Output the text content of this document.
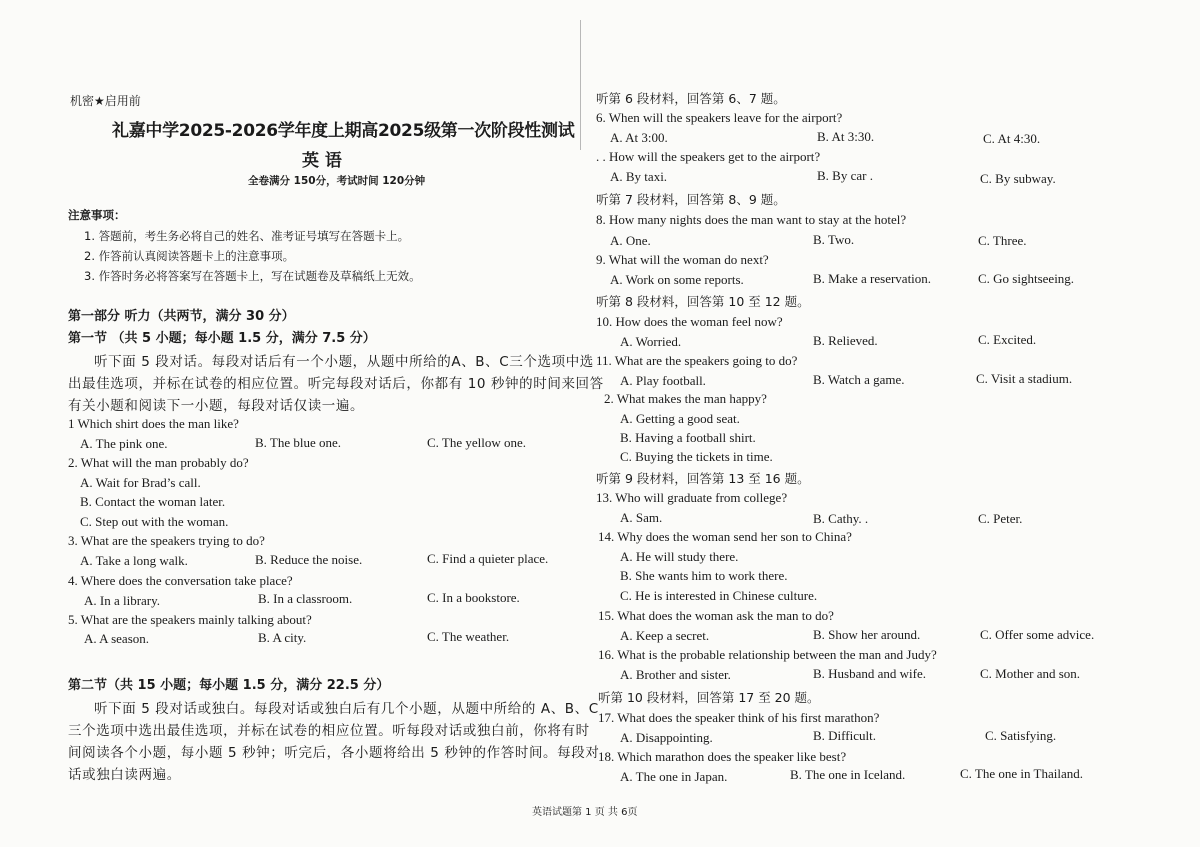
机密★启用前
礼嘉中学2025-2026学年度上期高2025级第一次阶段性测试
英 语
全卷满分 150分，考试时间 120分钟
注意事项：
1. 答题前，考生务必将自己的姓名、准考证号填写在答题卡上。
2. 作答前认真阅读答题卡上的注意事项。
3. 作答时务必将答案写在答题卡上，写在试题卷及草稿纸上无效。
第一部分 听力（共两节，满分 30 分）
第一节 （共 5 小题；每小题 1.5 分，满分 7.5 分）
听下面 5 段对话。每段对话后有一个小题，从题中所给的A、B、C三个选项中选
出最佳选项，并标在试卷的相应位置。听完每段对话后，你都有 10 秒钟的时间来回答
有关小题和阅读下一小题，每段对话仅读一遍。
1 Which shirt does the man like?
A. The pink one.	B. The blue one.	C. The yellow one.
2. What will the man probably do?
A. Wait for Brad’s call.
B. Contact the woman later.
C. Step out with the woman.
3. What are the speakers trying to do?
A. Take a long walk.	B. Reduce the noise.	C. Find a quieter place.
4. Where does the conversation take place?
A. In a library.	B. In a classroom.	C. In a bookstore.
5. What are the speakers mainly talking about?
A. A season.	B. A city.	C. The weather.
第二节（共 15 小题；每小题 1.5 分，满分 22.5 分）
听下面 5 段对话或独白。每段对话或独白后有几个小题，从题中所给的 A、B、C
三个选项中选出最佳选项，并标在试卷的相应位置。听每段对话或独白前，你将有时
间阅读各个小题，每小题 5 秒钟；听完后，各小题将给出 5 秒钟的作答时间。每段对
话或独白读两遍。
听第 6 段材料，回答第 6、7 题。
6. When will the speakers leave for the airport?
A. At 3:00.	B. At 3:30.	C. At 4:30.
. . How will the speakers get to the airport?
A. By taxi.	B. By car .	C. By subway.
听第 7 段材料，回答第 8、9 题。
8. How many nights does the man want to stay at the hotel?
A. One.	B. Two.	C. Three.
9. What will the woman do next?
A. Work on some reports.	B. Make a reservation.	C. Go sightseeing.
听第 8 段材料，回答第 10 至 12 题。
10. How does the woman feel now?
A. Worried.	B. Relieved.	C. Excited.
11. What are the speakers going to do?
A. Play football.	B. Watch a game.	C. Visit a stadium.
2. What makes the man happy?
A. Getting a good seat.
B. Having a football shirt.
C. Buying the tickets in time.
听第 9 段材料，回答第 13 至 16 题。
13. Who will graduate from college?
A. Sam.	B. Cathy. .	C. Peter.
14. Why does the woman send her son to China?
A. He will study there.
B. She wants him to work there.
C. He is interested in Chinese culture.
15. What does the woman ask the man to do?
A. Keep a secret.	B. Show her around.	C. Offer some advice.
16. What is the probable relationship between the man and Judy?
A. Brother and sister.	B. Husband and wife.	C. Mother and son.
听第 10 段材料，回答第 17 至 20 题。
17. What does the speaker think of his first marathon?
A. Disappointing.	B. Difficult.	C. Satisfying.
18. Which marathon does the speaker like best?
A. The one in Japan.	B. The one in Iceland.	C. The one in Thailand.
英语试题第 1 页 共 6页
